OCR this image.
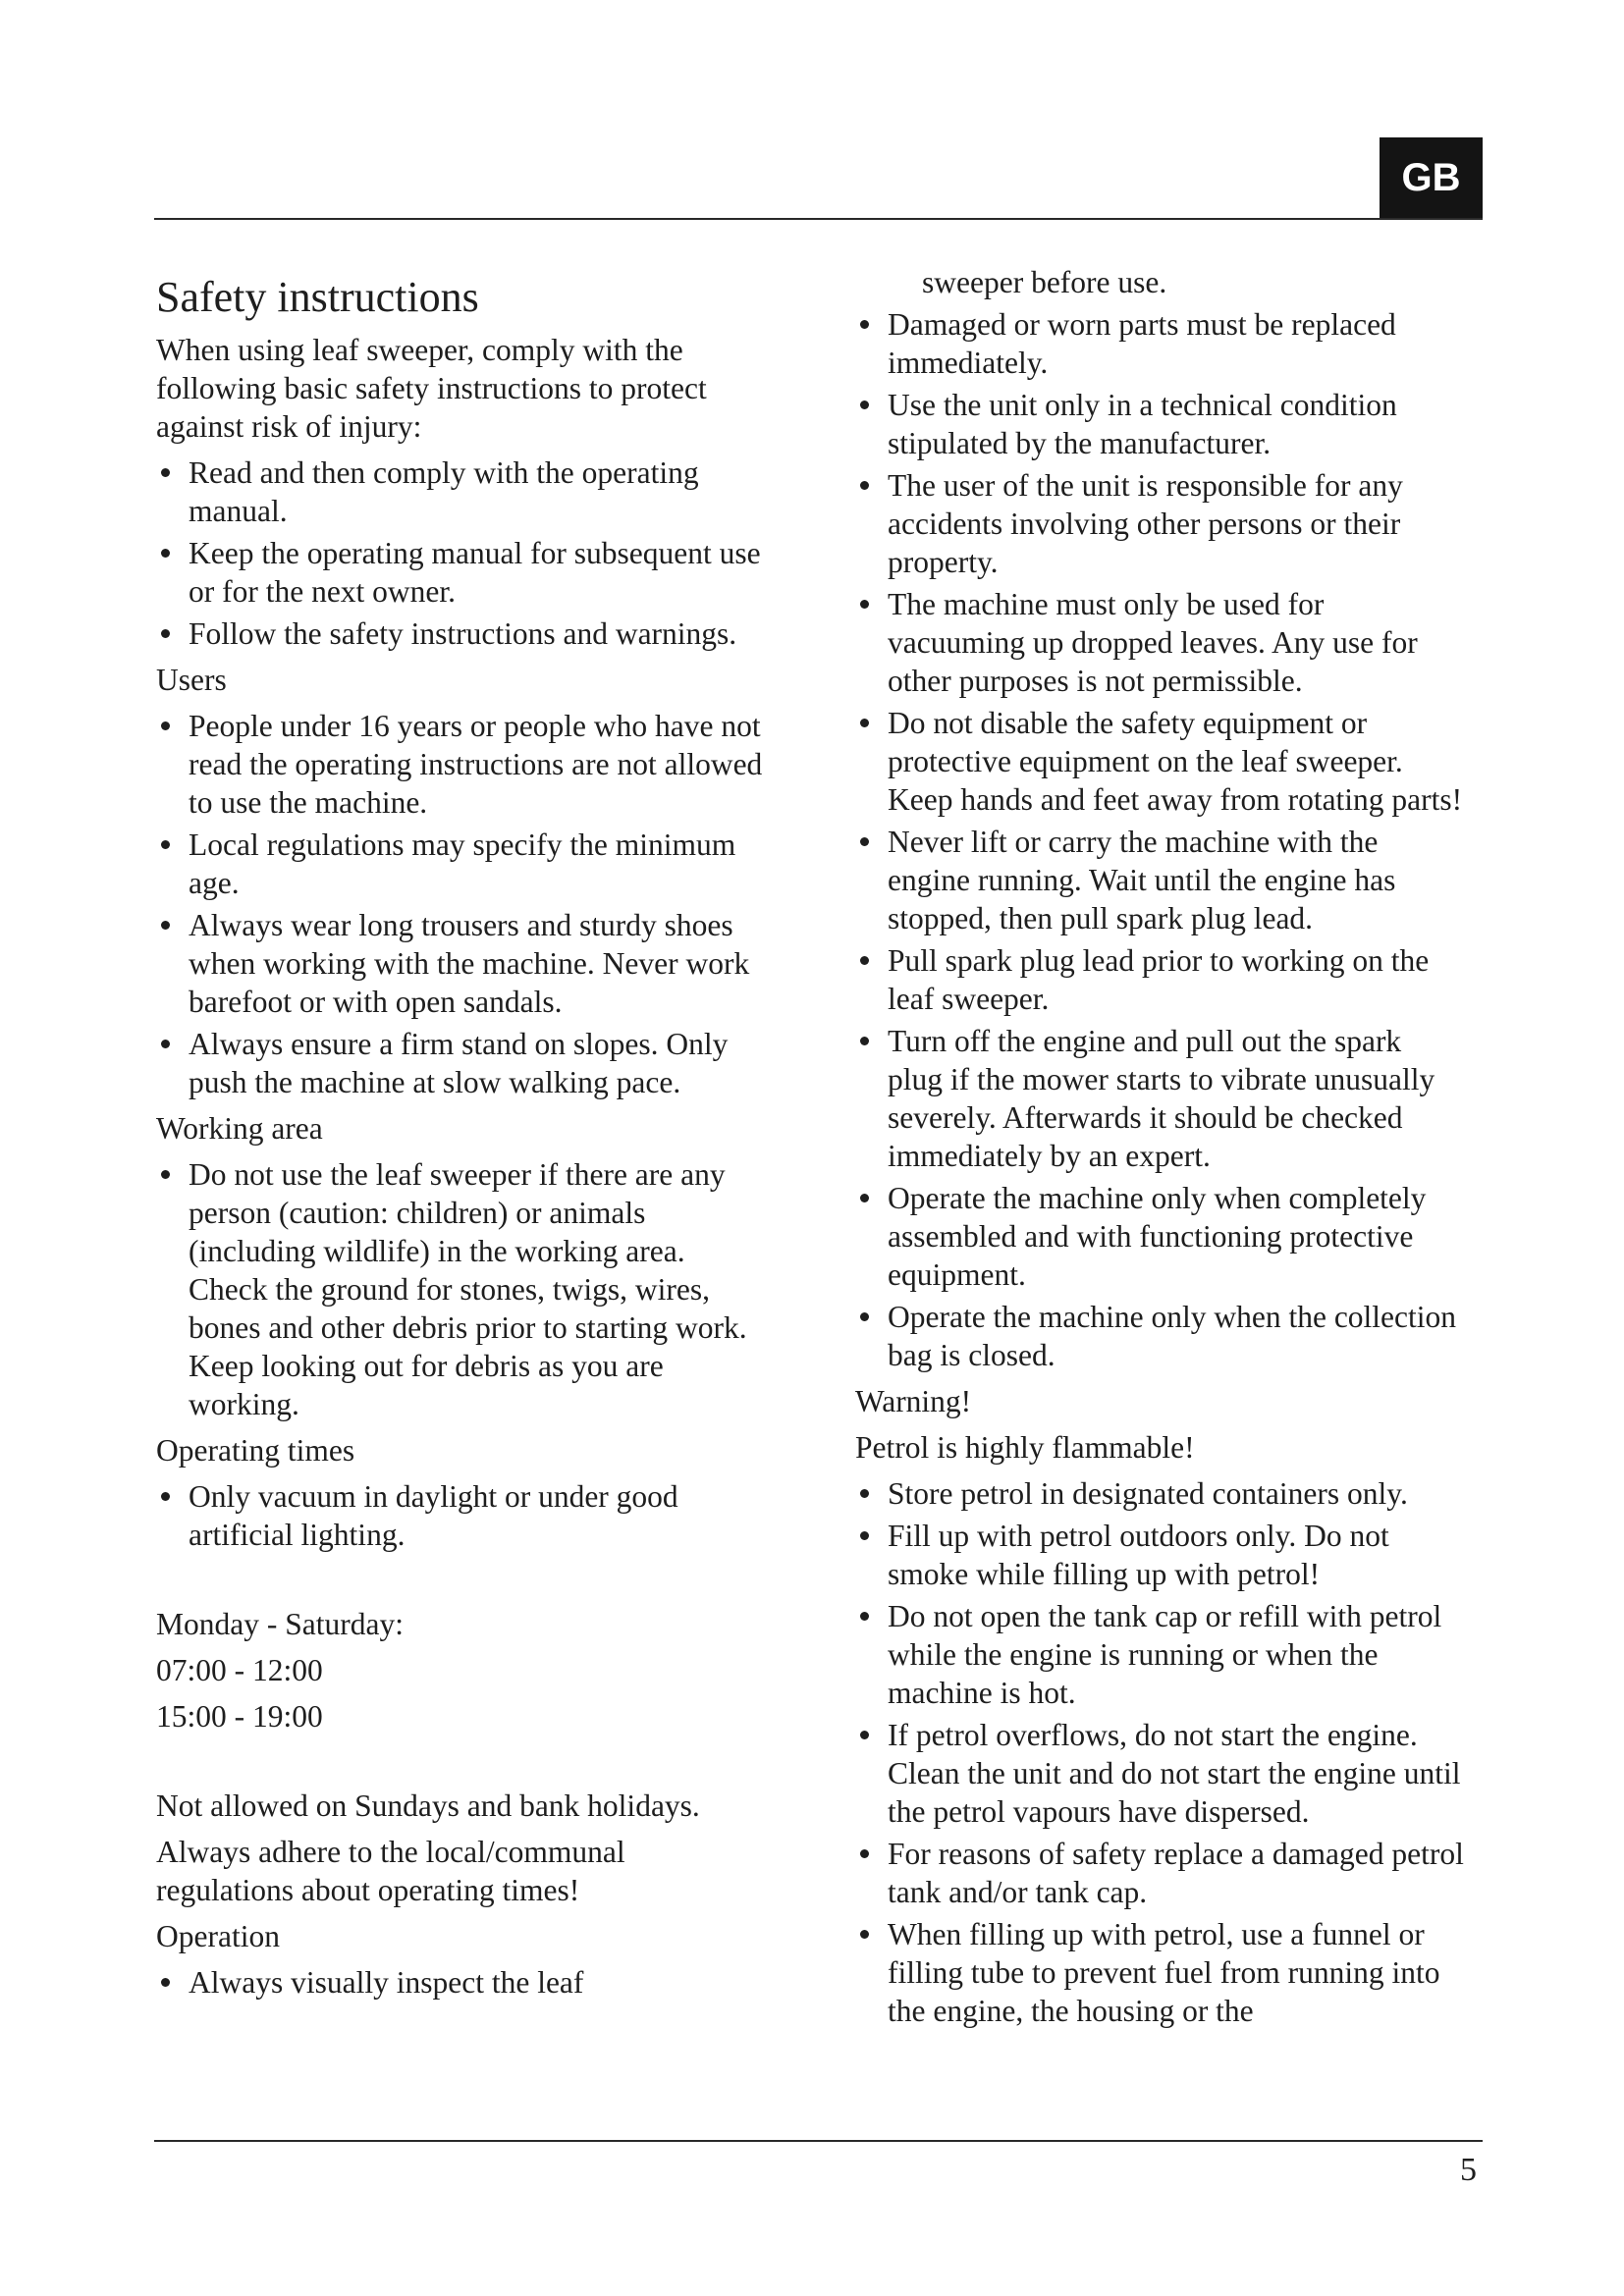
GB
Safety instructions

When using leaf sweeper, comply with the following basic safety instructions to protect against risk of injury:

Read and then comply with the operating manual.
Keep the operating manual for subsequent use or for the next owner.
Follow the safety instructions and warnings.
Users
People under 16 years or people who have not read the operating instructions are not allowed to use the machine.
Local regulations may specify the minimum age.
Always wear long trousers and sturdy shoes when working with the machine. Never work barefoot or with open sandals.
Always ensure a firm stand on slopes. Only push the machine at slow walking pace.
Working area
Do not use the leaf sweeper if there are any person (caution: children) or animals (including wildlife) in the working area. Check the ground for stones, twigs, wires, bones and other debris prior to starting work. Keep looking out for debris as you are working.
Operating times
Only vacuum in daylight or under good artificial lighting.

Monday - Saturday:

07:00 - 12:00

15:00 - 19:00

Not allowed on Sundays and bank holidays.

Always adhere to the local/communal regulations about operating times!

Operation
Always visually inspect the leaf
sweeper before use.
Damaged or worn parts must be replaced immediately.
Use the unit only in a technical condition stipulated by the manufacturer.
The user of the unit is responsible for any accidents involving other persons or their property.
The machine must only be used for vacuuming up dropped leaves. Any use for other purposes is not permissible.
Do not disable the safety equipment or protective equipment on the leaf sweeper. Keep hands and feet away from rotating parts!
Never lift or carry the machine with the engine running. Wait until the engine has stopped, then pull spark plug lead.
Pull spark plug lead prior to working on the leaf sweeper.
Turn off the engine and pull out the spark plug if the mower starts to vibrate unusually severely. Afterwards it should be checked immediately by an expert.
Operate the machine only when completely assembled and with functioning protective equipment.
Operate the machine only when the collection bag is closed.
Warning!
Petrol is highly flammable!
Store petrol in designated containers only.
Fill up with petrol outdoors only. Do not smoke while filling up with petrol!
Do not open the tank cap or refill with petrol while the engine is running or when the machine is hot.
If petrol overflows, do not start the engine. Clean the unit and do not start the engine until the petrol vapours have dispersed.
For reasons of safety replace a damaged petrol tank and/or tank cap.
When filling up with petrol, use a funnel or filling tube to prevent fuel from running into the engine, the housing or the
5
